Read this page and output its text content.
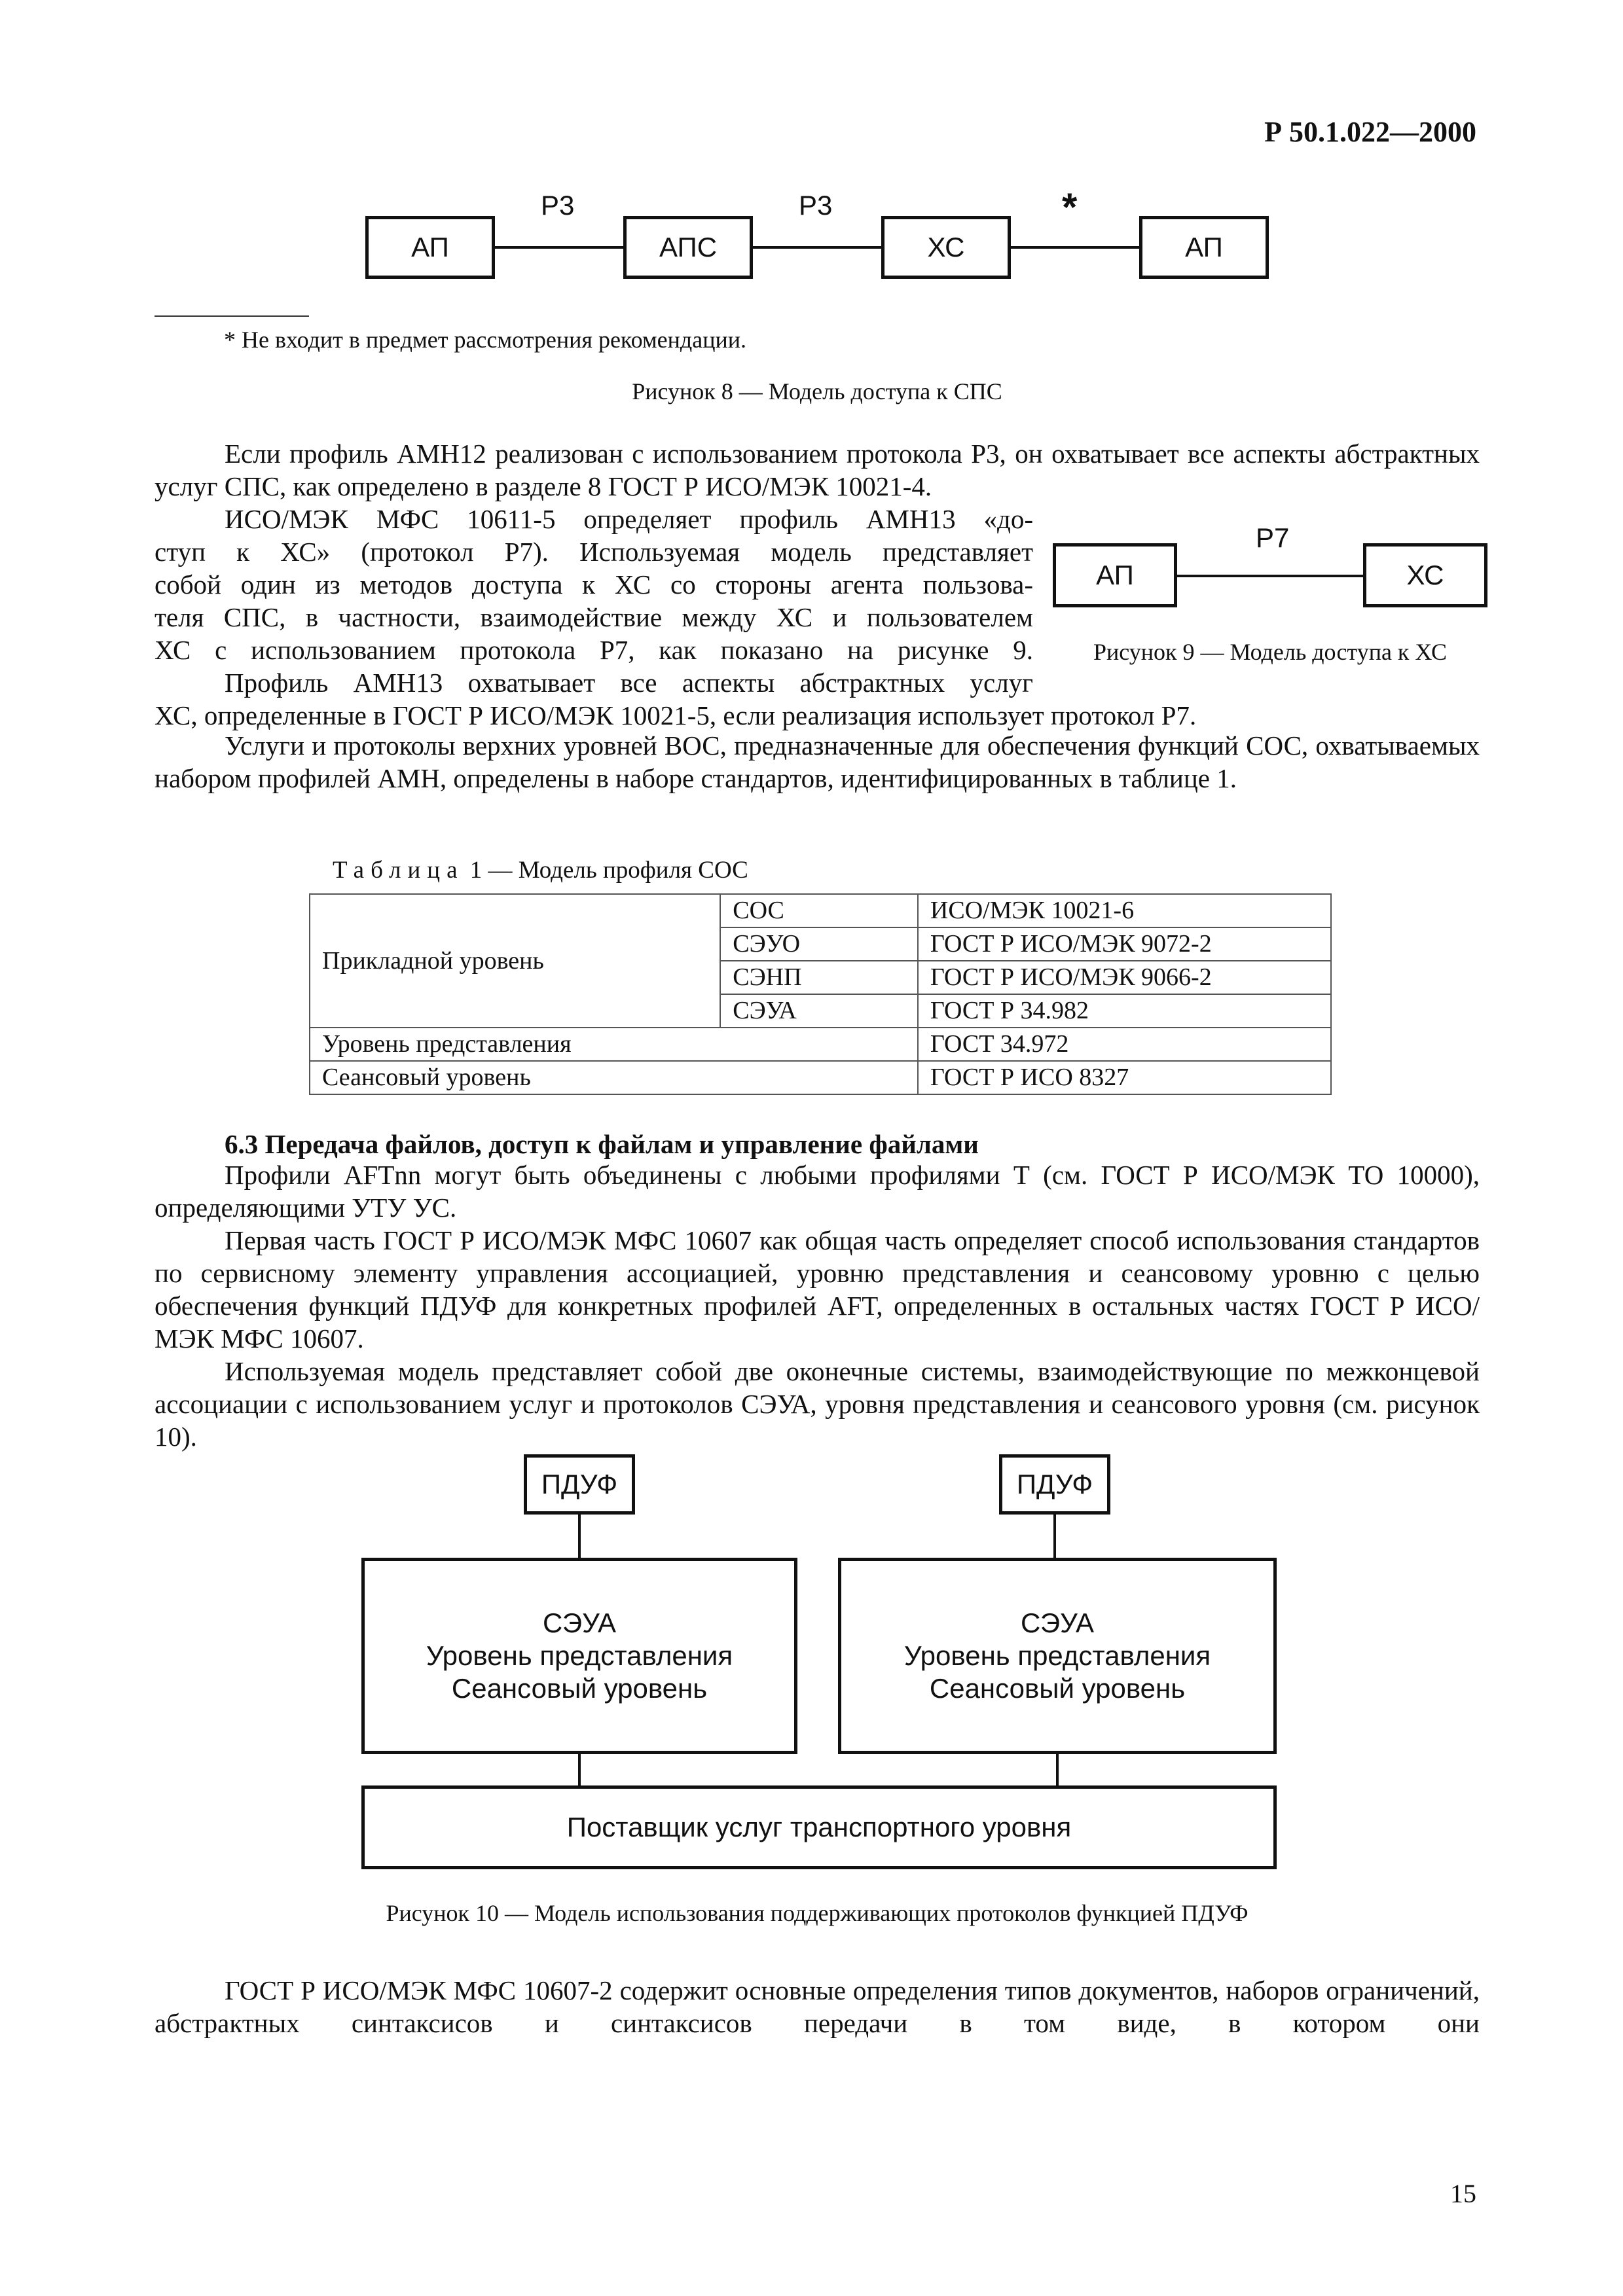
Р 50.1.022—2000
АП	АПС	ХС	АП
Р3	Р3	*
* Не входит в предмет рассмотрения рекомендации.
Рисунок 8 — Модель доступа к СПС

Если профиль АМН12 реализован с использованием протокола Р3, он охватывает все аспекты абстрактных услуг СПС, как определено в разделе 8 ГОСТ Р ИСО/МЭК 10021-4.

ИСО/МЭК МФС 10611-5 определяет профиль АМН13 «до-

ступ к ХС» (протокол Р7). Используемая модель представляет

собой один из методов доступа к ХС со стороны агента пользова-

теля СПС, в частности, взаимодействие между ХС и пользователем

ХС с использованием протокола Р7, как показано на рисунке 9.

Профиль АМН13 охватывает все аспекты абстрактных услуг

ХС, определенные в ГОСТ Р ИСО/МЭК 10021-5, если реализация использует протокол Р7.

АП	ХС
Р7
Рисунок 9 — Модель доступа к ХС

Услуги и протоколы верхних уровней ВОС, предназначенные для обеспечения функций СОС, охватываемых набором профилей АМН, определены в наборе стандартов, идентифицированных в таблице 1.

Таблица 1 — Модель профиля СОС
Прикладной уровень	СОС	ИСО/МЭК 10021-6
	СЭУО	ГОСТ Р ИСО/МЭК 9072-2
	СЭНП	ГОСТ Р ИСО/МЭК 9066-2
	СЭУА	ГОСТ Р 34.982
Уровень представления		ГОСТ 34.972
Сеансовый уровень		ГОСТ Р ИСО 8327
6.3 Передача файлов, доступ к файлам и управление файлами

Профили AFTnn могут быть объединены с любыми профилями Т (см. ГОСТ Р ИСО/МЭК ТО 10000), определяющими УТУ УС.

Первая часть ГОСТ Р ИСО/МЭК МФС 10607 как общая часть определяет способ использования стандартов по сервисному элементу управления ассоциацией, уровню представления и сеансовому уровню с целью обеспечения функций ПДУФ для конкретных профилей AFT, определенных в остальных частях ГОСТ Р ИСО/МЭК МФС 10607.

Используемая модель представляет собой две оконечные системы, взаимодействующие по межконцевой ассоциации с использованием услуг и протоколов СЭУА, уровня представления и сеансового уровня (см. рисунок 10).

ПДУФ	ПДУФ
СЭУА
Уровень представления
Сеансовый уровень
СЭУА
Уровень представления
Сеансовый уровень
Поставщик услуг транспортного уровня
Рисунок 10 — Модель использования поддерживающих протоколов функцией ПДУФ

ГОСТ Р ИСО/МЭК МФС 10607-2 содержит основные определения типов документов, наборов ограничений, абстрактных синтаксисов и синтаксисов передачи в том виде, в котором они

15
